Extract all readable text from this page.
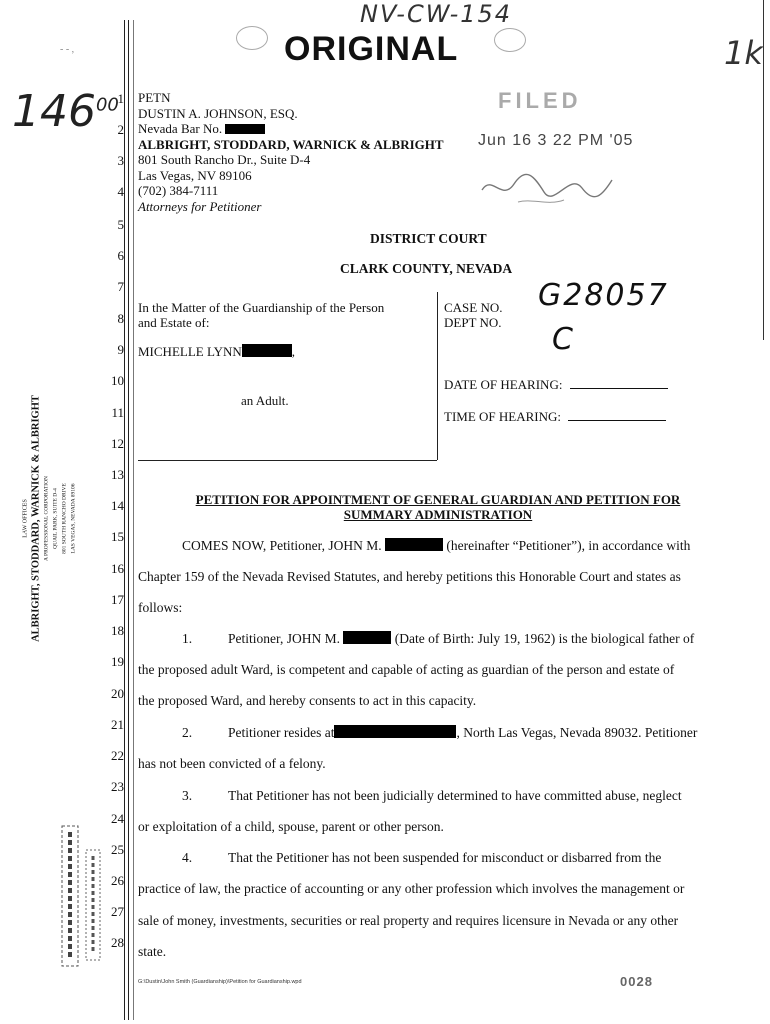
NV-CW-154
ORIGINAL	1k
$146^{00}$
- - ,
1
2
3
4
5
6
7
8
9
10
11
12
13
14
15
16
17
18
19
20
21
22
23
24
25
26
27
28
PETN
DUSTIN A. JOHNSON, ESQ.
Nevada Bar No.
ALBRIGHT, STODDARD, WARNICK & ALBRIGHT
801 South Rancho Dr., Suite D-4
Las Vegas, NV 89106
(702) 384-7111
Attorneys for Petitioner
FILED
Jun 16 3 22 PM '05
DISTRICT COURT
CLARK COUNTY, NEVADA
In the Matter of the Guardianship of the Person
and Estate of:
MICHELLE LYNN	,
an Adult.
CASE NO.
DEPT NO.
G28057
C
DATE OF HEARING:
TIME OF HEARING:
PETITION FOR APPOINTMENT OF GENERAL GUARDIAN AND PETITION FOR
SUMMARY ADMINISTRATION
COMES NOW, Petitioner, JOHN M.	(hereinafter “Petitioner”), in accordance with
Chapter 159 of the Nevada Revised Statutes, and hereby petitions this Honorable Court and states as
follows:
1.	Petitioner, JOHN M.	(Date of Birth: July 19, 1962) is the biological father of
the proposed adult Ward, is competent and capable of acting as guardian of the person and estate of
the proposed Ward, and hereby consents to act in this capacity.
2.	Petitioner resides at	, North Las Vegas, Nevada 89032. Petitioner
has not been convicted of a felony.
3.	That Petitioner has not been judicially determined to have committed abuse, neglect
or exploitation of a child, spouse, parent or other person.
4.	That the Petitioner has not been suspended for misconduct or disbarred from the
practice of law, the practice of accounting or any other profession which involves the management or
sale of money, investments, securities or real property and requires licensure in Nevada or any other
state.
LAW OFFICES ALBRIGHT, STODDARD, WARNICK & ALBRIGHT A PROFESSIONAL CORPORATION QUAIL PARK, SUITE D-4 801 SOUTH RANCHO DRIVE LAS VEGAS, NEVADA 89106
G:\Dustin\John Smith (Guardianship)\Petition for Guardianship.wpd	0028
